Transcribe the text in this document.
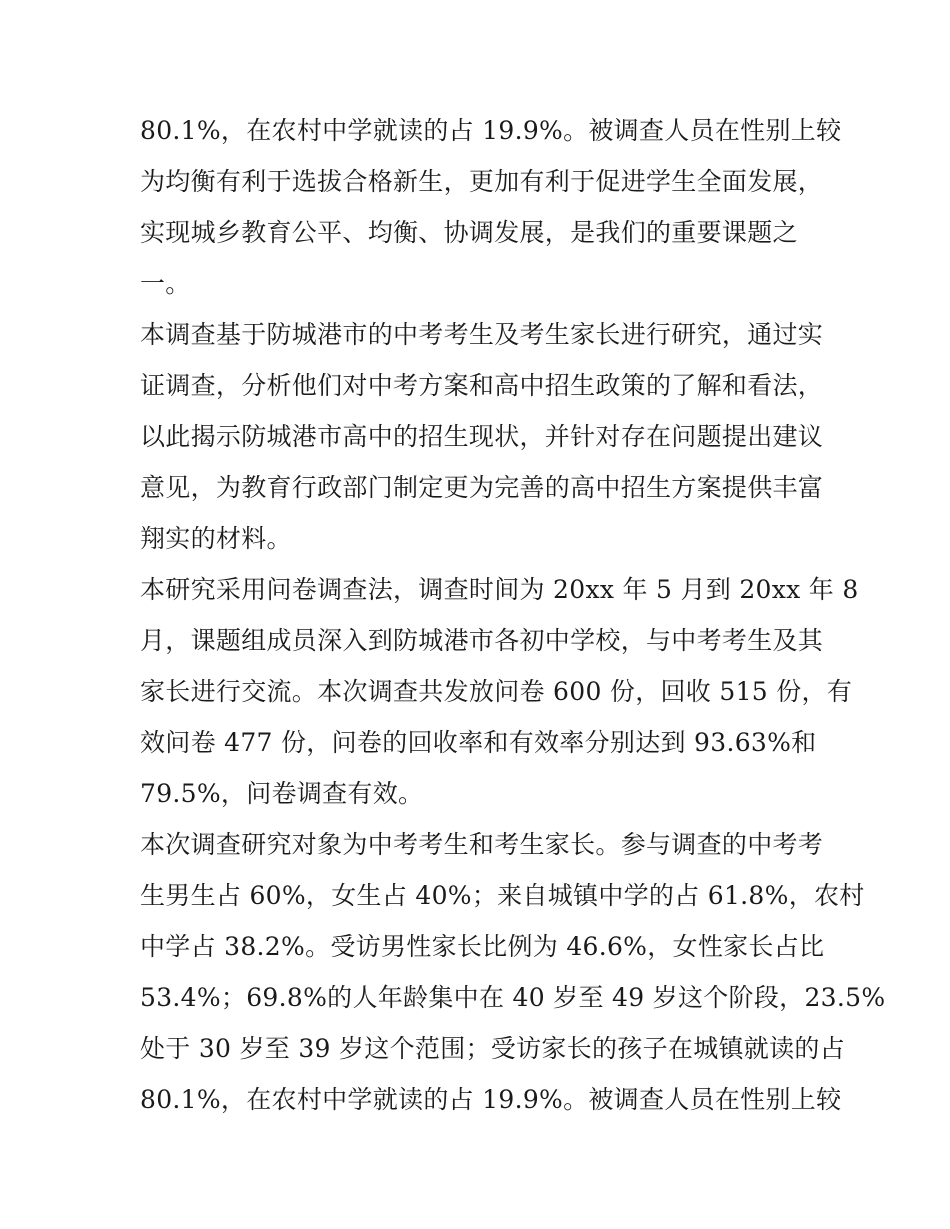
80.1%，在农村中学就读的占 19.9%。被调查人员在性别上较
为均衡有利于选拔合格新生，更加有利于促进学生全面发展，
实现城乡教育公平、均衡、协调发展，是我们的重要课题之
一。
本调查基于防城港市的中考考生及考生家长进行研究，通过实
证调查，分析他们对中考方案和高中招生政策的了解和看法，
以此揭示防城港市高中的招生现状，并针对存在问题提出建议
意见，为教育行政部门制定更为完善的高中招生方案提供丰富
翔实的材料。
本研究采用问卷调查法，调查时间为 20xx 年 5 月到 20xx 年 8
月，课题组成员深入到防城港市各初中学校，与中考考生及其
家长进行交流。本次调查共发放问卷 600 份，回收 515 份，有
效问卷 477 份，问卷的回收率和有效率分别达到 93.63%和
79.5%，问卷调查有效。
本次调查研究对象为中考考生和考生家长。参与调查的中考考
生男生占 60%，女生占 40%；来自城镇中学的占 61.8%，农村
中学占 38.2%。受访男性家长比例为 46.6%，女性家长占比
53.4%；69.8%的人年龄集中在 40 岁至 49 岁这个阶段，23.5%
处于 30 岁至 39 岁这个范围；受访家长的孩子在城镇就读的占
80.1%，在农村中学就读的占 19.9%。被调查人员在性别上较
